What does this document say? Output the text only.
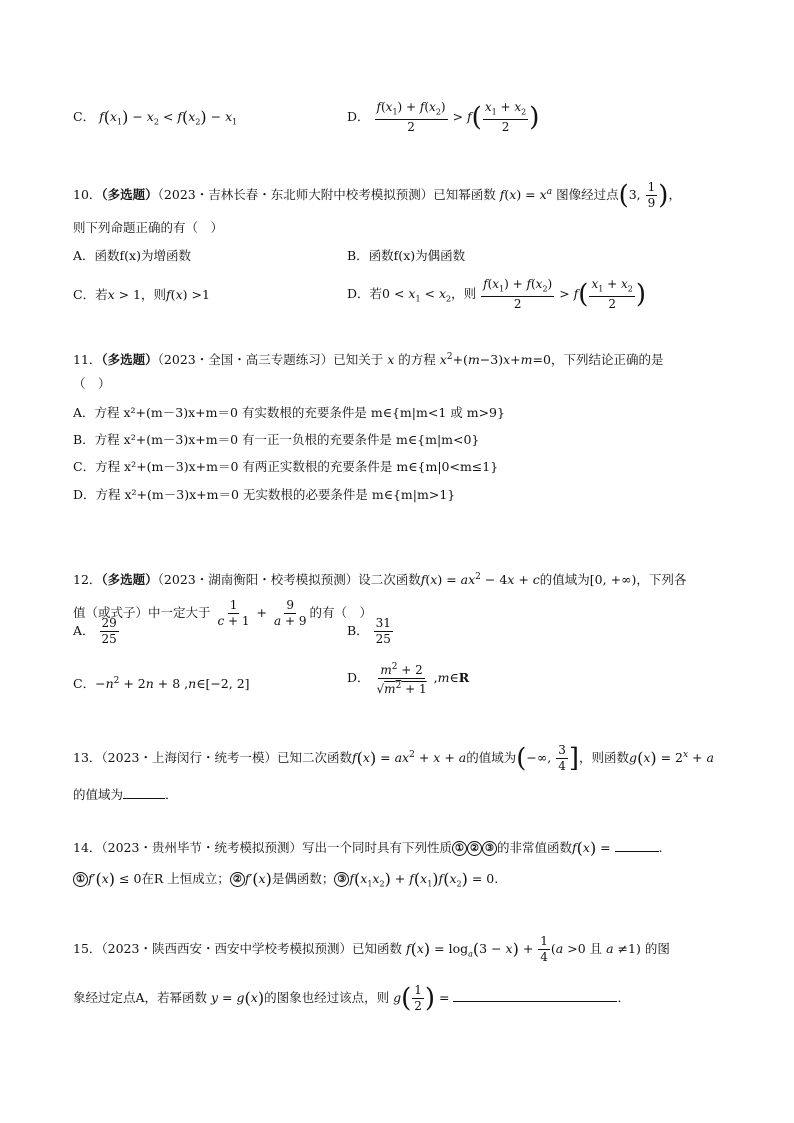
C． $f(x_1) - x_2 < f(x_2) - x_1$	D． $\frac{f(x_1) + f(x_2)}{2} > f( \frac{x_1 + x_2}{2}$ )
10．（多选题）（2023・吉林长春・东北师大附中校考模拟预测）已知幂函数 $f(x) = x^a$ 图像经过点(3, $\frac{1}{9}$ )，
则下列命题正确的有（　）
A．函数f(x)为增函数	B．函数f(x)为偶函数
C．若x > 1，则f(x) >1	D．若$0 < x_1 < x_2$，则 $\frac{f(x_1) + f(x_2)}{2} > f( \frac{x_1 + x_2}{2}$ )
11．（多选题）（2023・全国・高三专题练习）已知关于 x 的方程 $x^2+(m-3)x+m=0$，下列结论正确的是
（　）
A．方程 x²+(m－3)x+m＝0 有实数根的充要条件是 m∈{m|m<1 或 m>9}
B．方程 x²+(m－3)x+m＝0 有一正一负根的充要条件是 m∈{m|m<0}
C．方程 x²+(m－3)x+m＝0 有两正实数根的充要条件是 m∈{m|0<m≤1}
D．方程 x²+(m－3)x+m＝0 无实数根的必要条件是 m∈{m|m>1}
12．（多选题）（2023・湖南衡阳・校考模拟预测）设二次函数$f(x) = ax^2 - 4x + c$的值域为[0, +∞)，下列各
值（或式子）中一定大于 $\frac{1}{c + 1} + \frac{9}{a + 9}$ 的有（　）
A． $\frac{29}{25}$	B． $\frac{31}{25}$
C．$-n^2 + 2n + 8$ ,n∈[−2, 2]	D． $\frac{m^2 + 2}{√m^2 + 1}$ ,m∈R
13．（2023・上海闵行・统考一模）已知二次函数$f(x) = ax^2 + x + a$的值域为(−∞, $\frac{3}{4}$ ]，则函数$g(x) = 2^x + a$
的值域为	．
14．（2023・贵州毕节・统考模拟预测）写出一个同时具有下列性质 ① ② ③ 的非常值函数f(x) =	.
① f′(x) ≤ 0在R 上恒成立； ② f′(x)是偶函数； ③ $f(x_1x_2) + f(x_1)f(x_2) = 0$.
15．（2023・陕西西安・西安中学校考模拟预测）已知函数 $f(x) = \log_a(3 - x) + \frac{1}{4} (a >0$ 且 a ≠1) 的图
象经过定点A，若幂函数 y = g(x)的图象也经过该点，则 $g( \frac{1}{2}$ ) =	．
